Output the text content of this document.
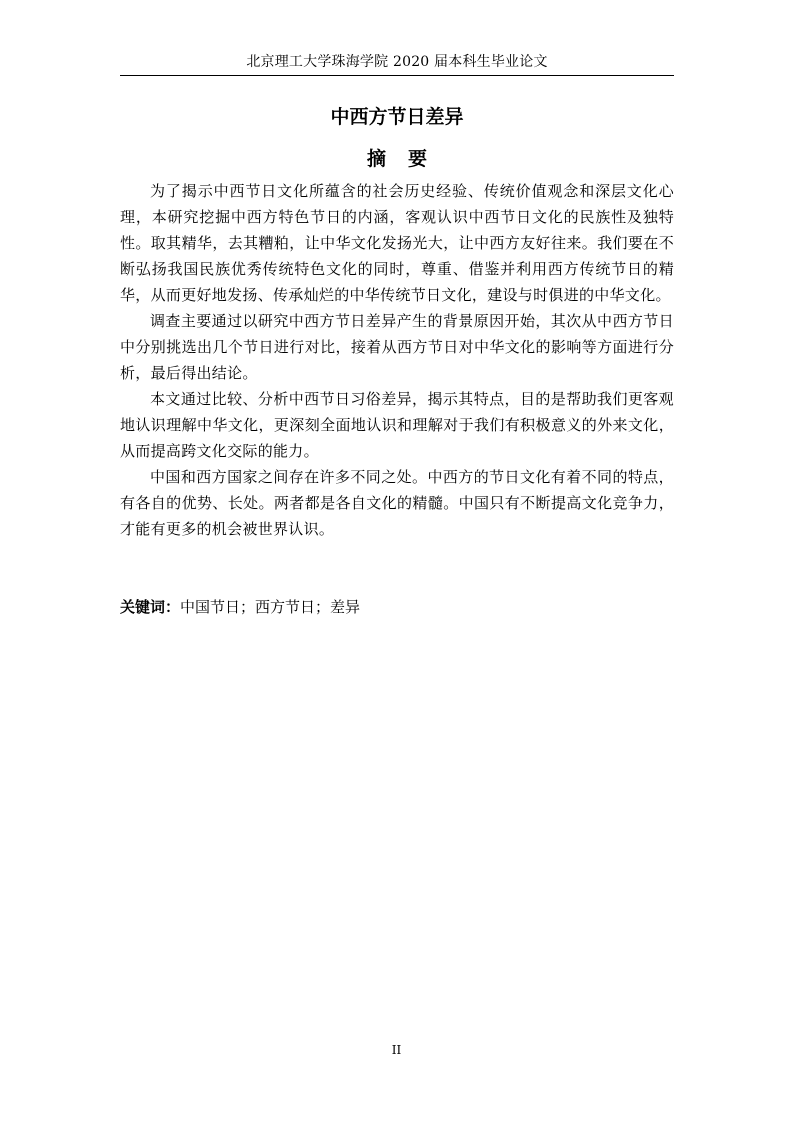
北京理工大学珠海学院 2020 届本科生毕业论文
中西方节日差异
摘要

为了揭示中西节日文化所蕴含的社会历史经验、传统价值观念和深层文化心理，本研究挖掘中西方特色节日的内涵，客观认识中西节日文化的民族性及独特性。取其精华，去其糟粕，让中华文化发扬光大，让中西方友好往来。我们要在不断弘扬我国民族优秀传统特色文化的同时，尊重、借鉴并利用西方传统节日的精华，从而更好地发扬、传承灿烂的中华传统节日文化，建设与时俱进的中华文化。

调查主要通过以研究中西方节日差异产生的背景原因开始，其次从中西方节日中分别挑选出几个节日进行对比，接着从西方节日对中华文化的影响等方面进行分析，最后得出结论。

本文通过比较、分析中西节日习俗差异，揭示其特点，目的是帮助我们更客观地认识理解中华文化，更深刻全面地认识和理解对于我们有积极意义的外来文化，从而提高跨文化交际的能力。

中国和西方国家之间存在许多不同之处。中西方的节日文化有着不同的特点，有各自的优势、长处。两者都是各自文化的精髓。中国只有不断提高文化竞争力，才能有更多的机会被世界认识。

关键词：中国节日；西方节日；差异
II
